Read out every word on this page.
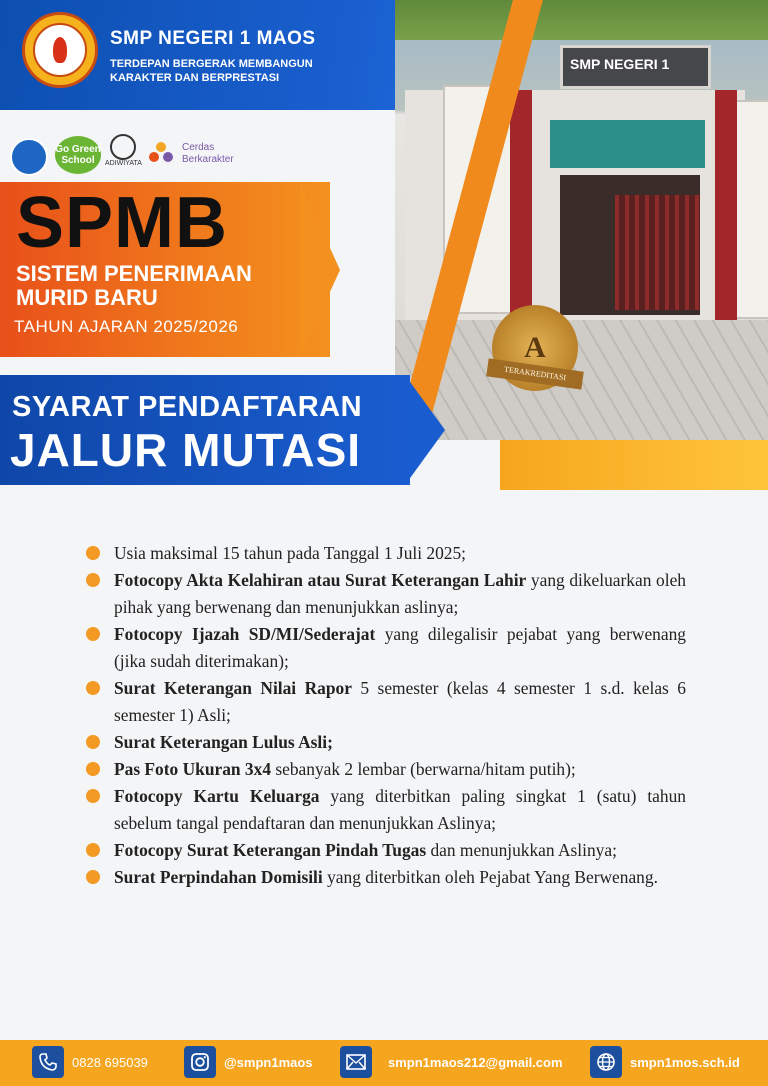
SMP NEGERI 1 MAOS
TERDEPAN BERGERAK MEMBANGUN KARAKTER DAN BERPRESTASI
SMP NEGERI 1
A
TERAKREDITASI
Go Green School	ADIWIYATA
Cerdas Berkarakter
SPMB
SISTEM PENERIMAAN MURID BARU
TAHUN AJARAN 2025/2026
SYARAT PENDAFTARAN
JALUR MUTASI
Usia maksimal 15 tahun pada Tanggal 1 Juli 2025;
Fotocopy Akta Kelahiran atau Surat Keterangan Lahir yang dikeluarkan oleh pihak yang berwenang dan menunjukkan aslinya;
Fotocopy Ijazah SD/MI/Sederajat yang dilegalisir pejabat yang berwenang (jika sudah diterimakan);
Surat Keterangan Nilai Rapor 5 semester (kelas 4 semester 1 s.d. kelas 6 semester 1) Asli;
Surat Keterangan Lulus Asli;
Pas Foto Ukuran 3x4 sebanyak 2 lembar (berwarna/hitam putih);
Fotocopy Kartu Keluarga yang diterbitkan paling singkat 1 (satu) tahun sebelum tangal pendaftaran dan menunjukkan Aslinya;
Fotocopy Surat Keterangan Pindah Tugas dan menunjukkan Aslinya;
Surat Perpindahan Domisili yang diterbitkan oleh Pejabat Yang Berwenang.
0828 695039	@smpn1maos	smpn1maos212@gmail.com	smpn1mos.sch.id
